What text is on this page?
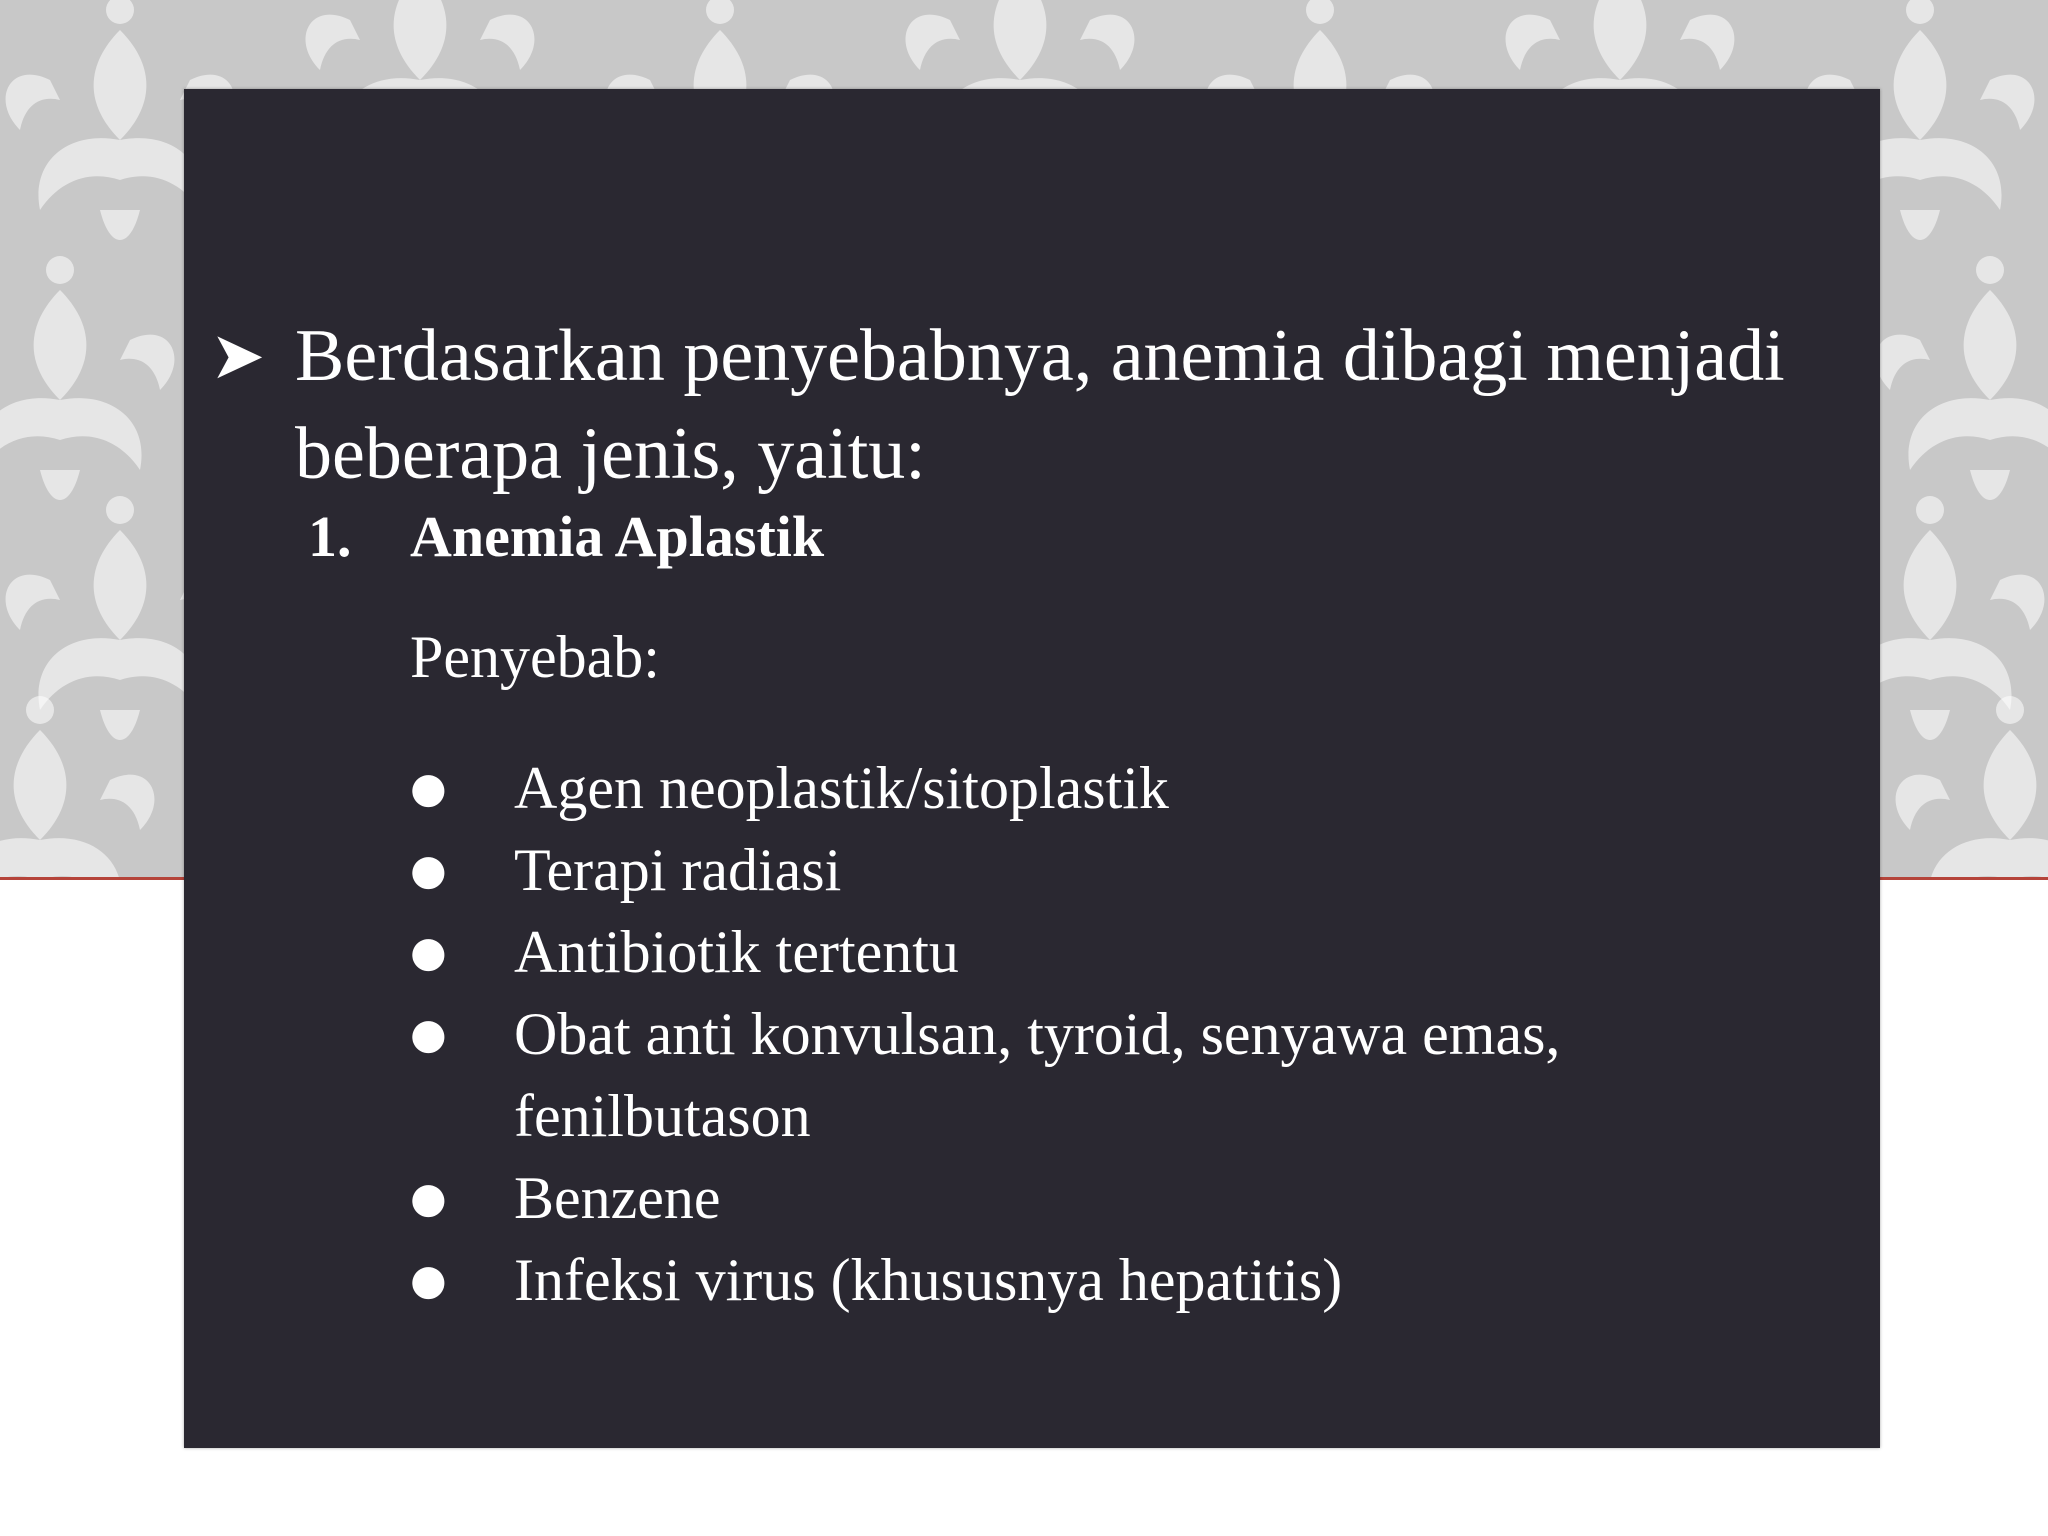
➤ Berdasarkan penyebabnya, anemia dibagi menjadi beberapa jenis, yaitu:
1. Anemia Aplastik
Penyebab:
● Agen neoplastik/sitoplastik
● Terapi radiasi
● Antibiotik tertentu
● Obat anti konvulsan, tyroid, senyawa emas, fenilbutason
● Benzene
● Infeksi virus (khususnya hepatitis)
